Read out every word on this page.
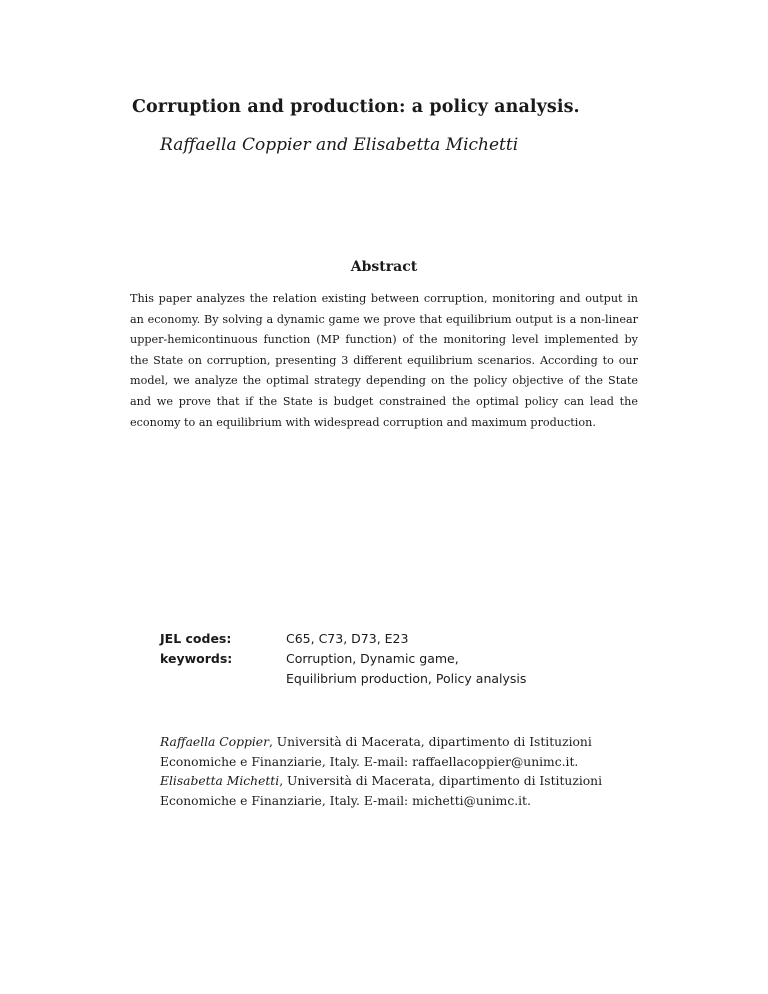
Corruption and production: a policy analysis.
Raffaella Coppier and Elisabetta Michetti
Abstract
This paper analyzes the relation existing between corruption, monitoring and output in an economy. By solving a dynamic game we prove that equilibrium output is a non-linear upper-hemicontinuous function (MP function) of the monitoring level implemented by the State on corruption, presenting 3 different equilibrium scenarios. According to our model, we analyze the optimal strategy depending on the policy objective of the State and we prove that if the State is budget constrained the optimal policy can lead the economy to an equilibrium with widespread corruption and maximum production.
JEL codes:	C65, C73, D73, E23
keywords:	Corruption, Dynamic game,
Equilibrium production, Policy analysis
Raffaella Coppier, Università di Macerata, dipartimento di Istituzioni
Economiche e Finanziarie, Italy. E-mail: raffaellacoppier@unimc.it.
Elisabetta Michetti, Università di Macerata, dipartimento di Istituzioni
Economiche e Finanziarie, Italy. E-mail: michetti@unimc.it.
